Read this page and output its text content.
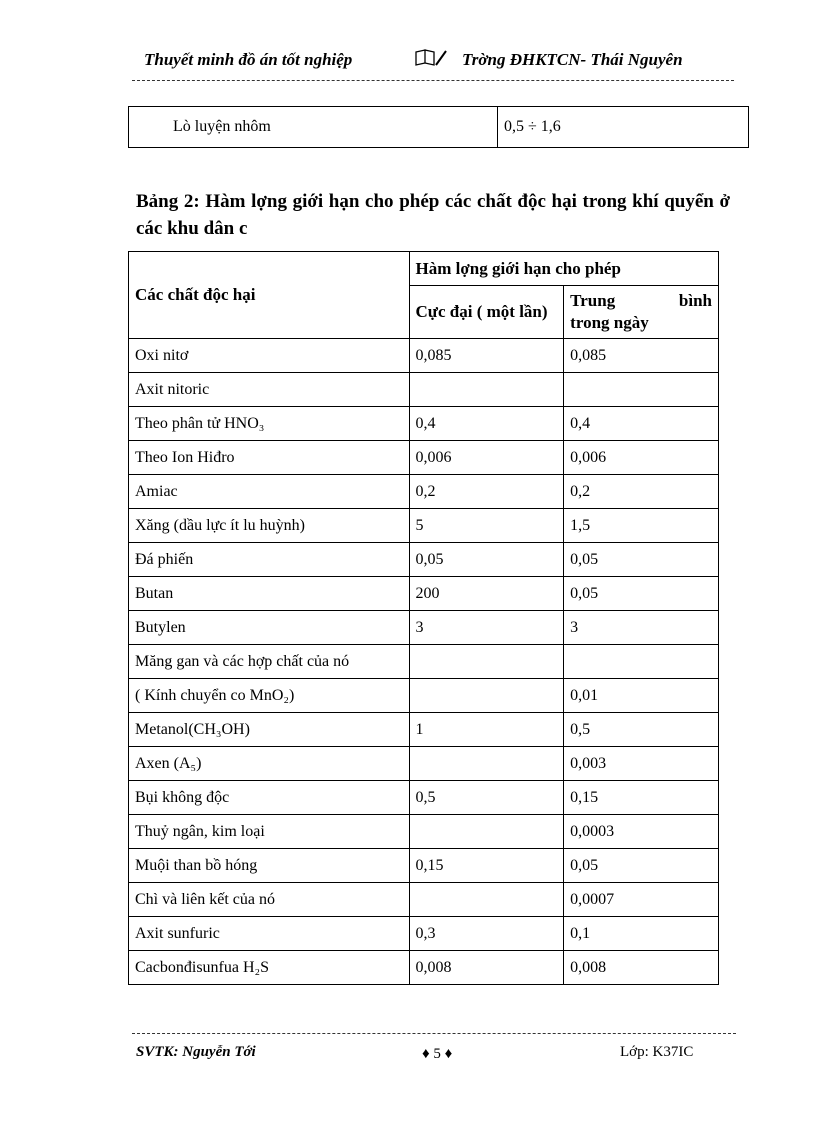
Thuyết minh đồ án tốt nghiệp	Trờng ĐHKTCN- Thái Nguyên
Lò luyện nhôm	0,5 ÷ 1,6
Bảng 2: Hàm lợng giới hạn cho phép các chất độc hại trong khí quyển ở các khu dân c
Các chất độc hại	Hàm lợng giới hạn cho phép	
	Cực đại ( một lần)	Trung bình
trong ngày

Oxi nitơ	0,085	0,085
Axit nitoric		
Theo phân tử HNO₃	0,4	0,4
Theo Ion Hiđro	0,006	0,006
Amiac	0,2	0,2
Xăng (dầu lực ít lu huỳnh)	5	1,5
Đá phiến	0,05	0,05
Butan	200	0,05
Butylen	3	3
Măng gan và các hợp chất của nó		
( Kính chuyển co MnO₂)		0,01
Metanol(CH₃OH)	1	0,5
Axen (A₅)		0,003
Bụi không độc	0,5	0,15
Thuỷ ngân, kim loại		0,0003
Muội than bồ hóng	0,15	0,05
Chì và liên kết của nó		0,0007
Axit sunfuric	0,3	0,1
Cacbonđisunfua H₂S	0,008	0,008
SVTK: Nguyễn Tới	♦ 5 ♦	Lớp: K37IC
